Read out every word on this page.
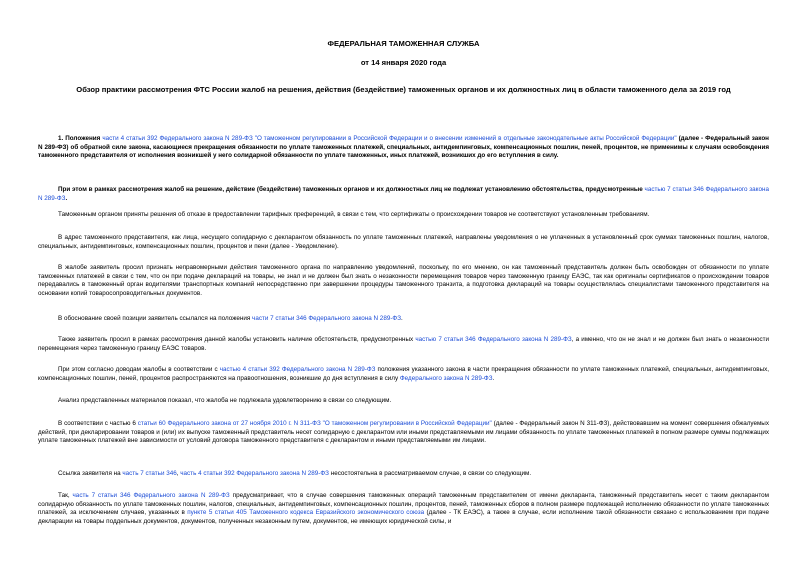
ФЕДЕРАЛЬНАЯ ТАМОЖЕННАЯ СЛУЖБА
от 14 января 2020 года
Обзор практики рассмотрения ФТС России жалоб на решения, действия (бездействие) таможенных органов и их должностных лиц в области таможенного дела за 2019 год

1. Положения части 4 статьи 392 Федерального закона N 289-ФЗ "О таможенном регулировании в Российской Федерации и о внесении изменений в отдельные законодательные акты Российской Федерации" (далее - Федеральный закон N 289-ФЗ) об обратной силе закона, касающиеся прекращения обязанности по уплате таможенных платежей, специальных, антидемпинговых, компенсационных пошлин, пеней, процентов, не применимы к случаям освобождения таможенного представителя от исполнения возникшей у него солидарной обязанности по уплате таможенных, иных платежей, возникших до его вступления в силу.

При этом в рамках рассмотрения жалоб на решение, действие (бездействие) таможенных органов и их должностных лиц не подлежат установлению обстоятельства, предусмотренные частью 7 статьи 346 Федерального закона N 289-ФЗ.

Таможенным органом приняты решения об отказе в предоставлении тарифных преференций, в связи с тем, что сертификаты о происхождении товаров не соответствуют установленным требованиям.

В адрес таможенного представителя, как лица, несущего солидарную с декларантом обязанность по уплате таможенных платежей, направлены уведомления о не уплаченных в установленный срок суммах таможенных пошлин, налогов, специальных, антидемпинговых, компенсационных пошлин, процентов и пени (далее - Уведомление).

В жалобе заявитель просил признать неправомерными действия таможенного органа по направлению уведомлений, поскольку, по его мнению, он как таможенный представитель должен быть освобожден от обязанности по уплате таможенных платежей в связи с тем, что он при подаче деклараций на товары, не знал и не должен был знать о незаконности перемещения товаров через таможенную границу ЕАЭС, так как оригиналы сертификатов о происхождении товаров передавались в таможенный орган водителями транспортных компаний непосредственно при завершении процедуры таможенного транзита, а подготовка деклараций на товары осуществлялась специалистами таможенного представителя на основании копий товаросопроводительных документов.

В обоснование своей позиции заявитель ссылался на положения части 7 статьи 346 Федерального закона N 289-ФЗ.

Также заявитель просил в рамках рассмотрения данной жалобы установить наличие обстоятельств, предусмотренных частью 7 статьи 346 Федерального закона N 289-ФЗ, а именно, что он не знал и не должен был знать о незаконности перемещения через таможенную границу ЕАЭС товаров.

При этом согласно доводам жалобы в соответствии с частью 4 статьи 392 Федерального закона N 289-ФЗ положения указанного закона в части прекращения обязанности по уплате таможенных платежей, специальных, антидемпинговых, компенсационных пошлин, пеней, процентов распространяются на правоотношения, возникшие до дня вступления в силу Федерального закона N 289-ФЗ.

Анализ представленных материалов показал, что жалоба не подлежала удовлетворению в связи со следующим.

В соответствии с частью 6 статьи 60 Федерального закона от 27 ноября 2010 г. N 311-ФЗ "О таможенном регулировании в Российской Федерации" (далее - Федеральный закон N 311-ФЗ), действовавшим на момент совершения обжалуемых действий, при декларировании товаров и (или) их выпуске таможенный представитель несет солидарную с декларантом или иными представляемыми им лицами обязанность по уплате таможенных платежей в полном размере суммы подлежащих уплате таможенных платежей вне зависимости от условий договора таможенного представителя с декларантом и иными представляемыми им лицами.

Ссылка заявителя на часть 7 статьи 346, часть 4 статьи 392 Федерального закона N 289-ФЗ несостоятельна в рассматриваемом случае, в связи со следующим.

Так, часть 7 статьи 346 Федерального закона N 289-ФЗ предусматривает, что в случае совершения таможенных операций таможенным представителем от имени декларанта, таможенный представитель несет с таким декларантом солидарную обязанность по уплате таможенных пошлин, налогов, специальных, антидемпинговых, компенсационных пошлин, процентов, пеней, таможенных сборов в полном размере подлежащей исполнению обязанности по уплате таможенных платежей, за исключением случаев, указанных в пункте 5 статьи 405 Таможенного кодекса Евразийского экономического союза (далее - ТК ЕАЭС), а также в случае, если исполнение такой обязанности связано с использованием при подаче декларации на товары поддельных документов, документов, полученных незаконным путем, документов, не имеющих юридической силы, и
